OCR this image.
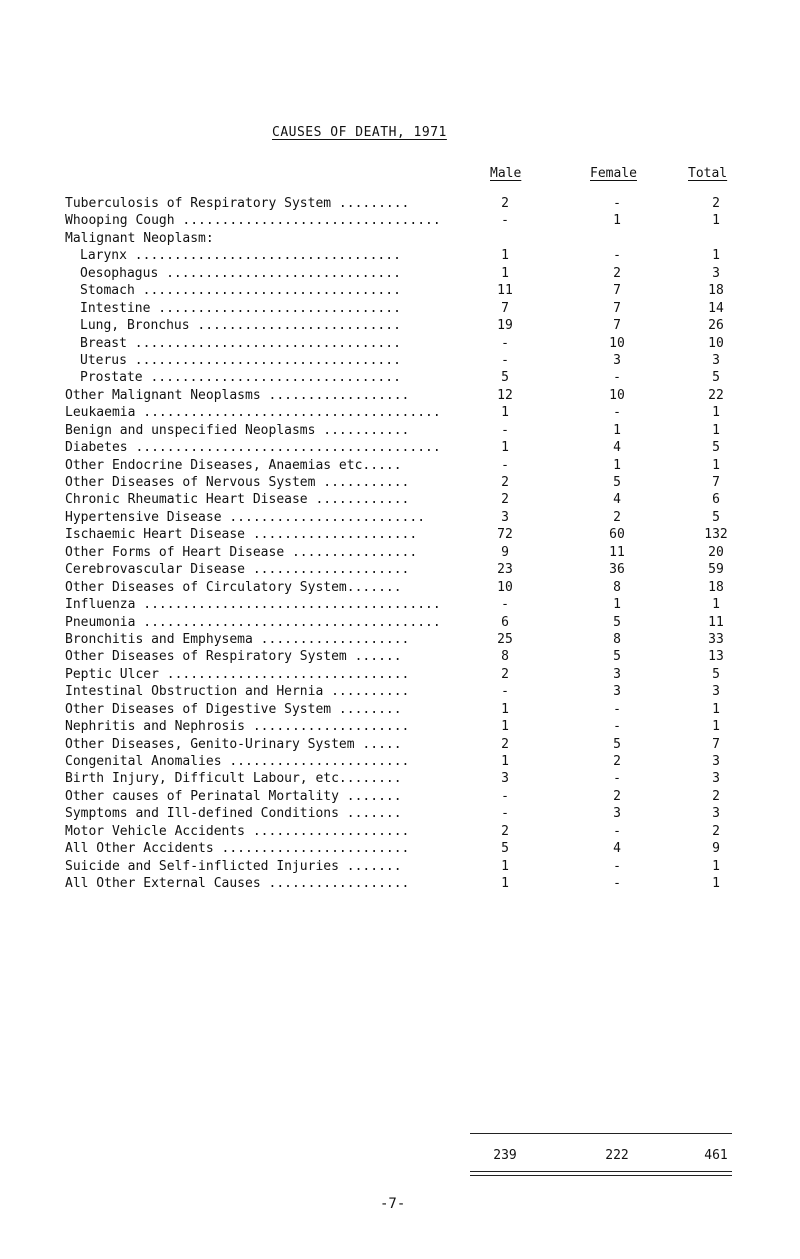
CAUSES OF DEATH, 1971
Male	Female	Total
Tuberculosis of Respiratory System .........	2	-	2
Whooping Cough .................................	-	1	1
Malignant Neoplasm:
Larynx ..................................	1	-	1
Oesophagus ..............................	1	2	3
Stomach .................................	11	7	18
Intestine ...............................	7	7	14
Lung, Bronchus ..........................	19	7	26
Breast ..................................	-	10	10
Uterus ..................................	-	3	3
Prostate ................................	5	-	5
Other Malignant Neoplasms ..................	12	10	22
Leukaemia ......................................	1	-	1
Benign and unspecified Neoplasms ...........	-	1	1
Diabetes .......................................	1	4	5
Other Endocrine Diseases, Anaemias etc.....	-	1	1
Other Diseases of Nervous System ...........	2	5	7
Chronic Rheumatic Heart Disease ............	2	4	6
Hypertensive Disease .........................	3	2	5
Ischaemic Heart Disease .....................	72	60	132
Other Forms of Heart Disease ................	9	11	20
Cerebrovascular Disease ....................	23	36	59
Other Diseases of Circulatory System.......	10	8	18
Influenza ......................................	-	1	1
Pneumonia ......................................	6	5	11
Bronchitis and Emphysema ...................	25	8	33
Other Diseases of Respiratory System ......	8	5	13
Peptic Ulcer ...............................	2	3	5
Intestinal Obstruction and Hernia ..........	-	3	3
Other Diseases of Digestive System ........	1	-	1
Nephritis and Nephrosis ....................	1	-	1
Other Diseases, Genito-Urinary System .....	2	5	7
Congenital Anomalies .......................	1	2	3
Birth Injury, Difficult Labour, etc........	3	-	3
Other causes of Perinatal Mortality .......	-	2	2
Symptoms and Ill-defined Conditions .......	-	3	3
Motor Vehicle Accidents ....................	2	-	2
All Other Accidents ........................	5	4	9
Suicide and Self-inflicted Injuries .......	1	-	1
All Other External Causes ..................	1	-	1
239	222	461
-7-
